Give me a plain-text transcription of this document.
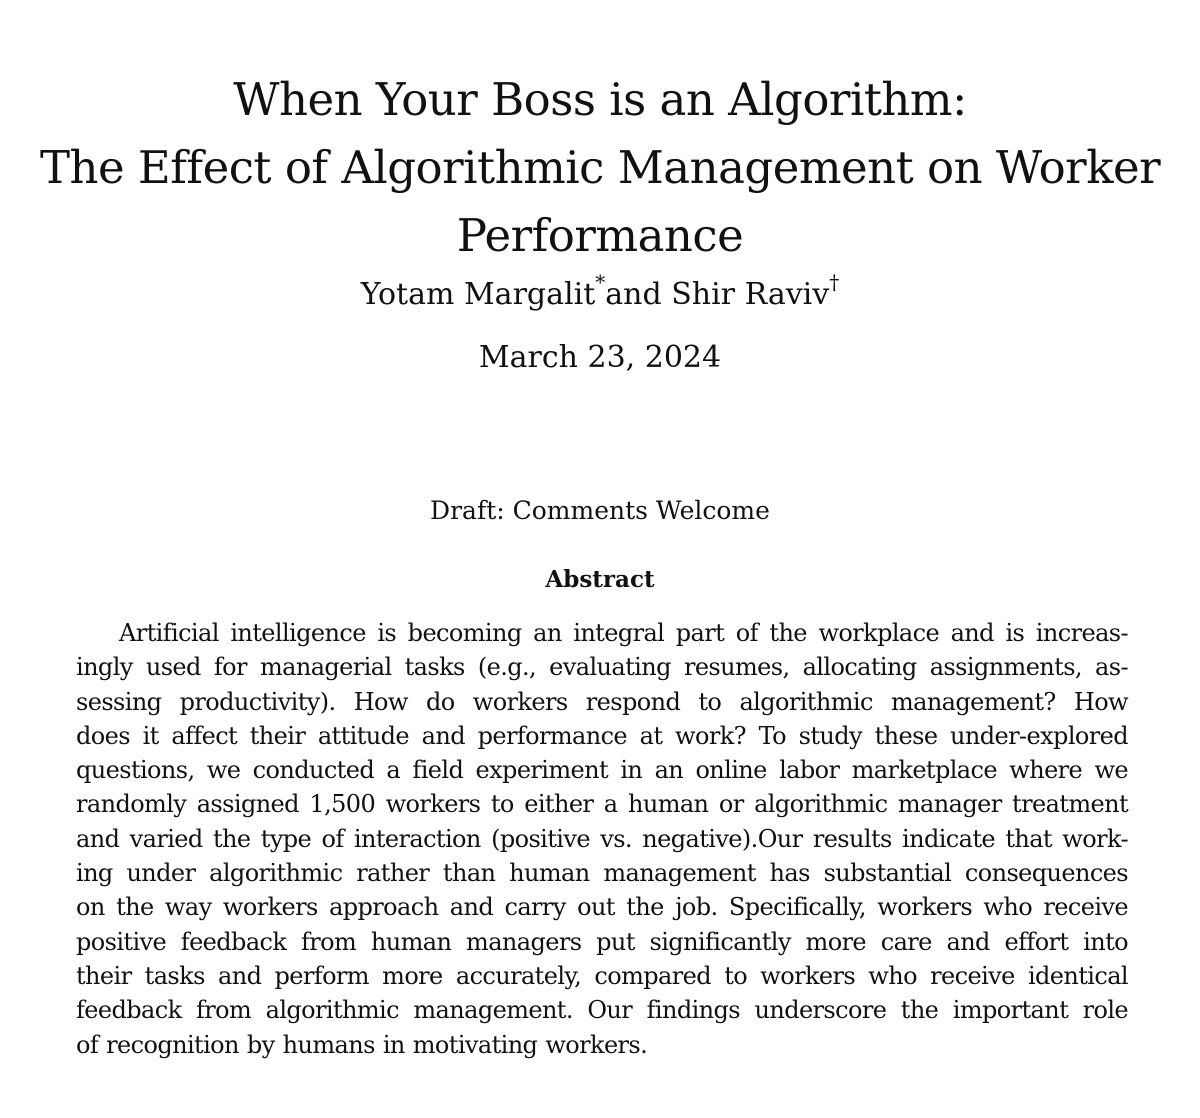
When Your Boss is an Algorithm:
The Effect of Algorithmic Management on Worker
Performance
Yotam Margalit*and Shir Raviv†
March 23, 2024
Draft: Comments Welcome
Abstract
Artificial intelligence is becoming an integral part of the workplace and is increas-
ingly used for managerial tasks (e.g., evaluating resumes, allocating assignments, as-
sessing productivity). How do workers respond to algorithmic management? How
does it affect their attitude and performance at work? To study these under-explored
questions, we conducted a field experiment in an online labor marketplace where we
randomly assigned 1,500 workers to either a human or algorithmic manager treatment
and varied the type of interaction (positive vs. negative).Our results indicate that work-
ing under algorithmic rather than human management has substantial consequences
on the way workers approach and carry out the job. Specifically, workers who receive
positive feedback from human managers put significantly more care and effort into
their tasks and perform more accurately, compared to workers who receive identical
feedback from algorithmic management. Our findings underscore the important role
of recognition by humans in motivating workers.
